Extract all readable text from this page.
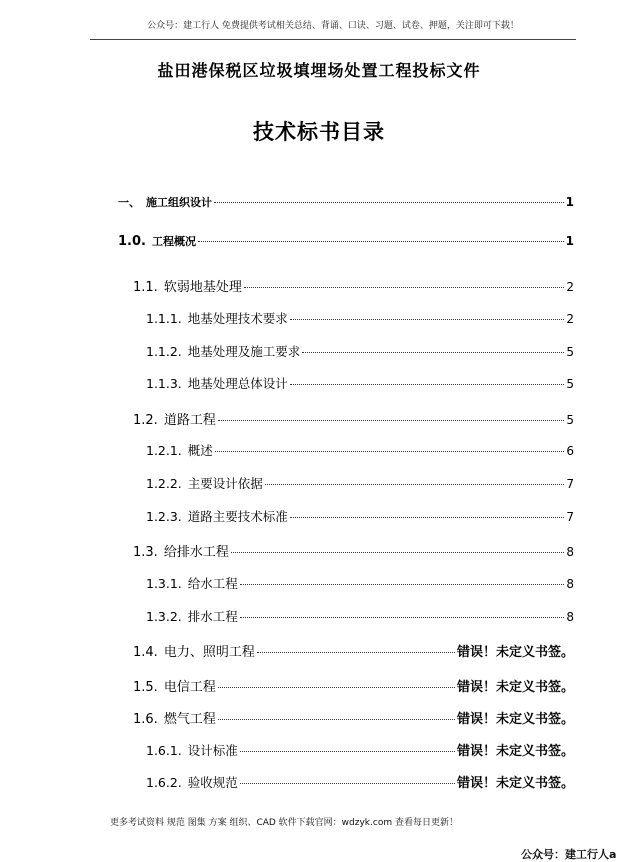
公众号：建工行人 免费提供考试相关总结、背诵、口诀、习题、试卷、押题，关注即可下载！
盐田港保税区垃圾填埋场处置工程投标文件
技术标书目录
一、 施工组织设计	1
1.0. 工程概况	1
1.1. 软弱地基处理	2
1.1.1. 地基处理技术要求	2
1.1.2. 地基处理及施工要求	5
1.1.3. 地基处理总体设计	5
1.2. 道路工程	5
1.2.1. 概述	6
1.2.2. 主要设计依据	7
1.2.3. 道路主要技术标准	7
1.3. 给排水工程	8
1.3.1. 给水工程	8
1.3.2. 排水工程	8
1.4. 电力、照明工程	错误！未定义书签。
1.5. 电信工程	错误！未定义书签。
1.6. 燃气工程	错误！未定义书签。
1.6.1. 设计标准	错误！未定义书签。
1.6.2. 验收规范	错误！未定义书签。
更多考试资料 规范 图集 方案 组织、CAD 软件下载官网：wdzyk.com 查看每日更新！
公众号：建工行人a
